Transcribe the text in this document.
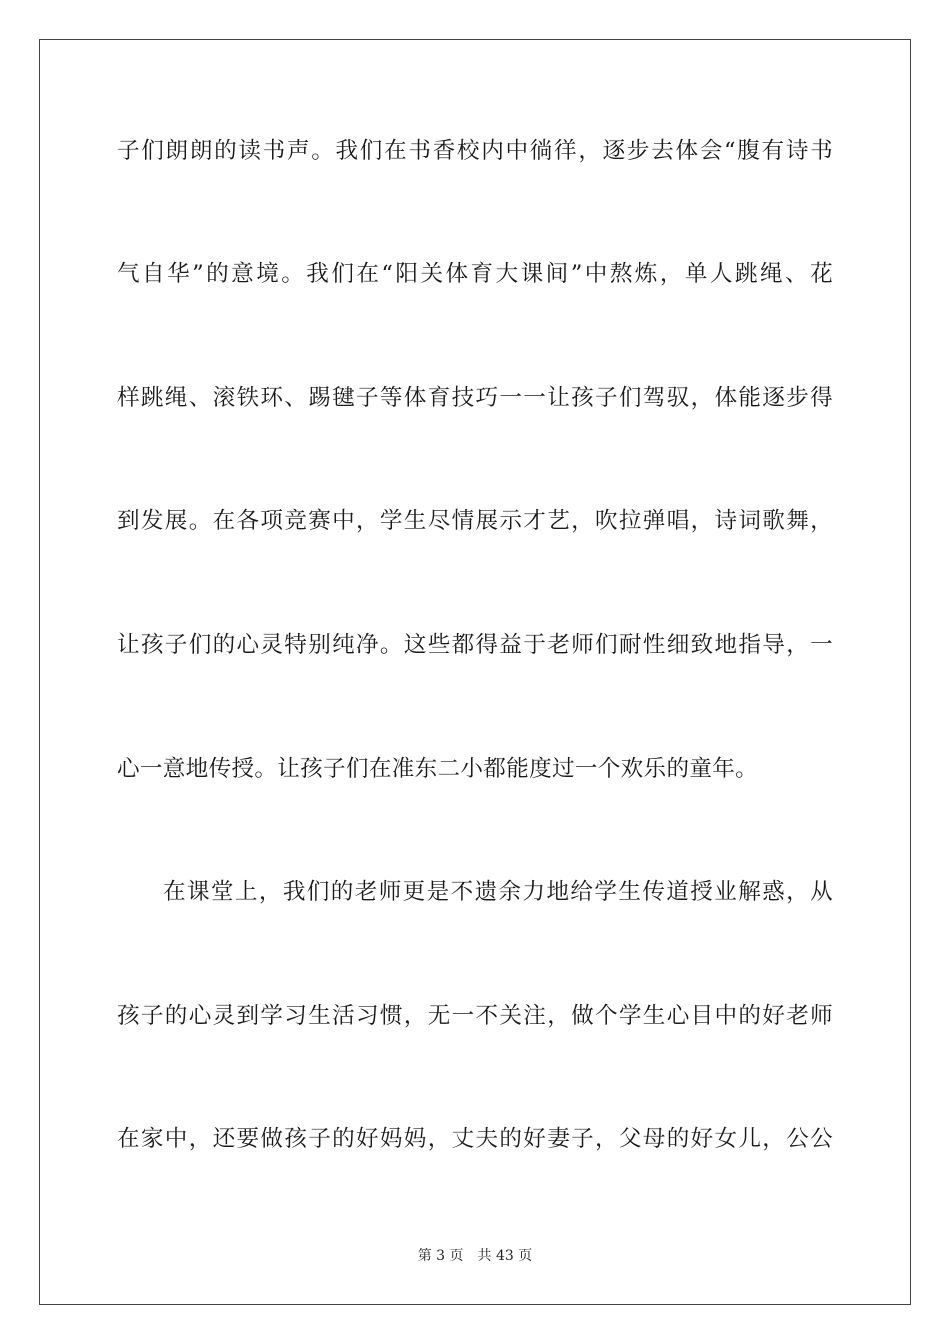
子们朗朗的读书声。我们在书香校内中徜徉，逐步去体会“腹有诗书
气自华”的意境。我们在“阳关体育大课间”中熬炼，单人跳绳、花
样跳绳、滚铁环、踢毽子等体育技巧一一让孩子们驾驭，体能逐步得
到发展。在各项竞赛中，学生尽情展示才艺，吹拉弹唱，诗词歌舞，
让孩子们的心灵特别纯净。这些都得益于老师们耐性细致地指导，一
心一意地传授。让孩子们在准东二小都能度过一个欢乐的童年。
在课堂上，我们的老师更是不遗余力地给学生传道授业解惑，从
孩子的心灵到学习生活习惯，无一不关注，做个学生心目中的好老师
在家中，还要做孩子的好妈妈，丈夫的好妻子，父母的好女儿，公公
第 3 页 共 43 页
